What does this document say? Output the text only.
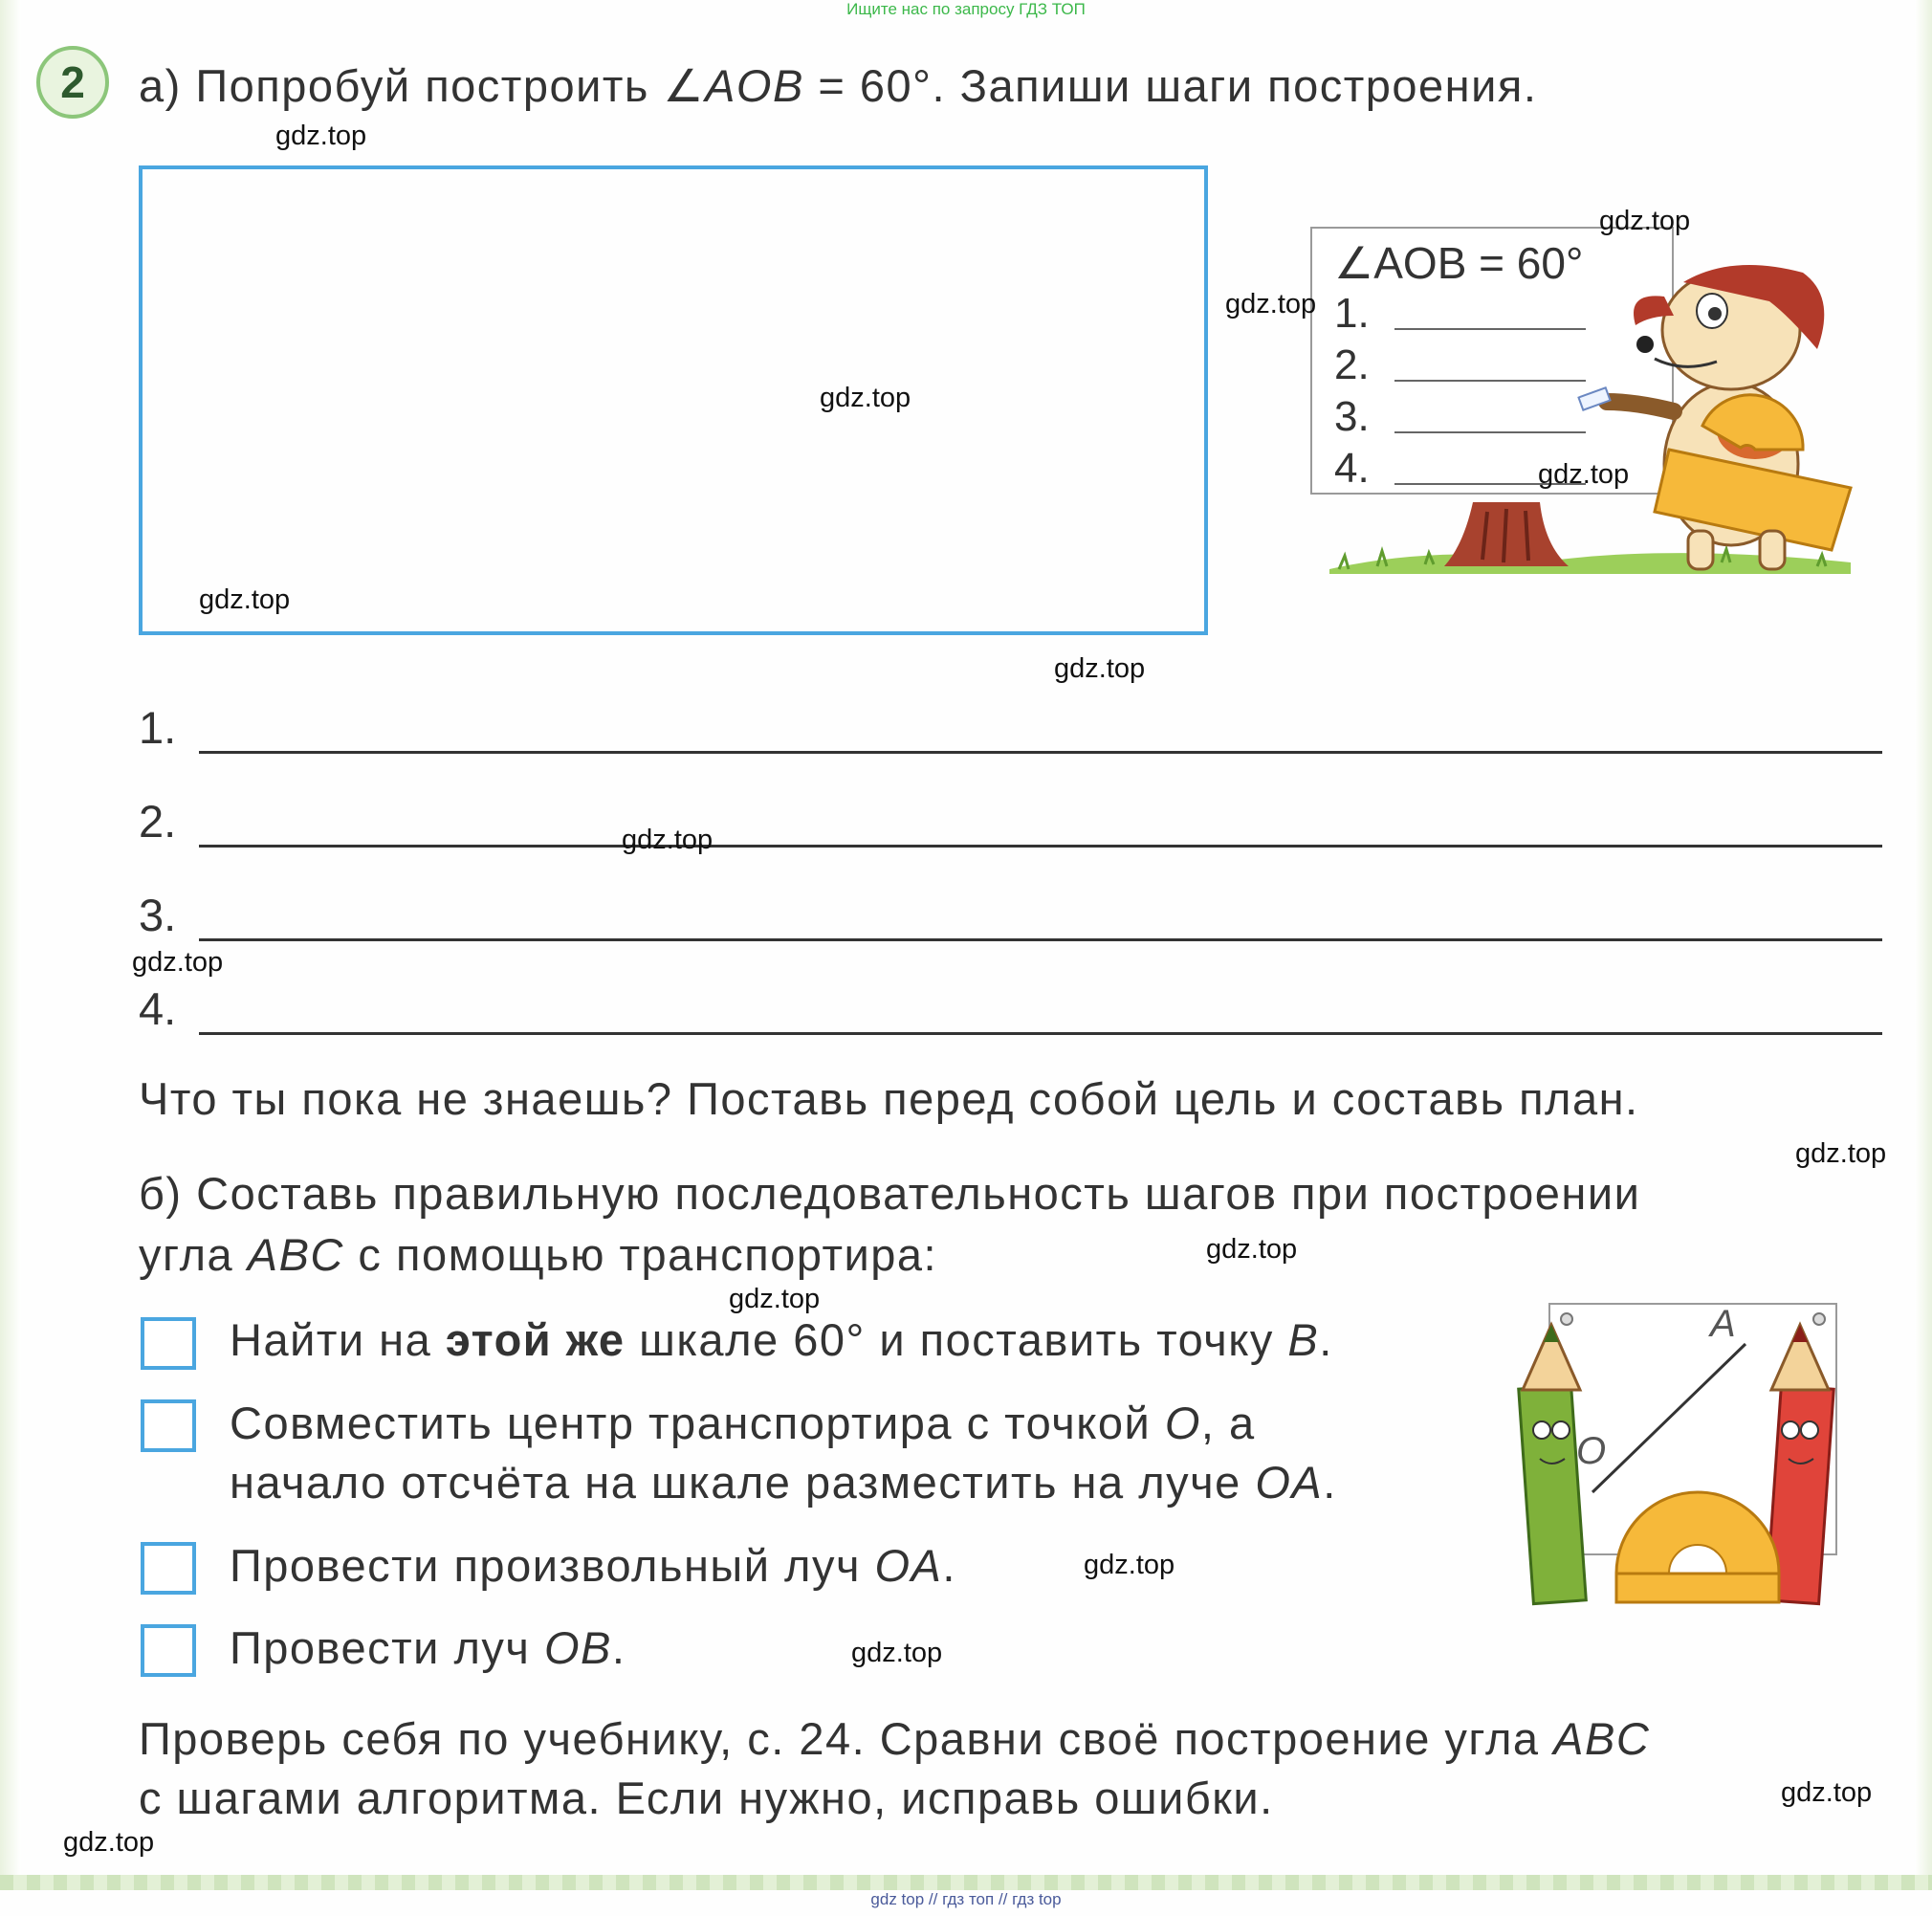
Ищите нас по запросу ГДЗ ТОП
2	а) Попробуй построить ∠AOB = 60°. Запиши шаги построения.
∠AOB = 60°
1.
2.
3.
4.
1.
2.
3.
4.
Что ты пока не знаешь? Поставь перед собой цель и составь план.
б) Составь правильную последовательность шагов при построении
угла ABC с помощью транспортира:
Найти на этой же шкале 60° и поставить точку B.
Совместить центр транспортира с точкой O, а
начало отсчёта на шкале разместить на луче OA.
Провести произвольный луч OA.
Провести луч OB.
A
O
Проверь себя по учебнику, с. 24. Сравни своё построение угла ABC
с шагами алгоритма. Если нужно, исправь ошибки.
gdz.top
gdz.top
gdz.top
gdz.top
gdz.top
gdz.top
gdz.top
gdz.top
gdz.top
gdz.top
gdz.top
gdz.top
gdz.top
gdz.top
gdz.top
gdz.top
gdz top // гдз топ // гдз top
